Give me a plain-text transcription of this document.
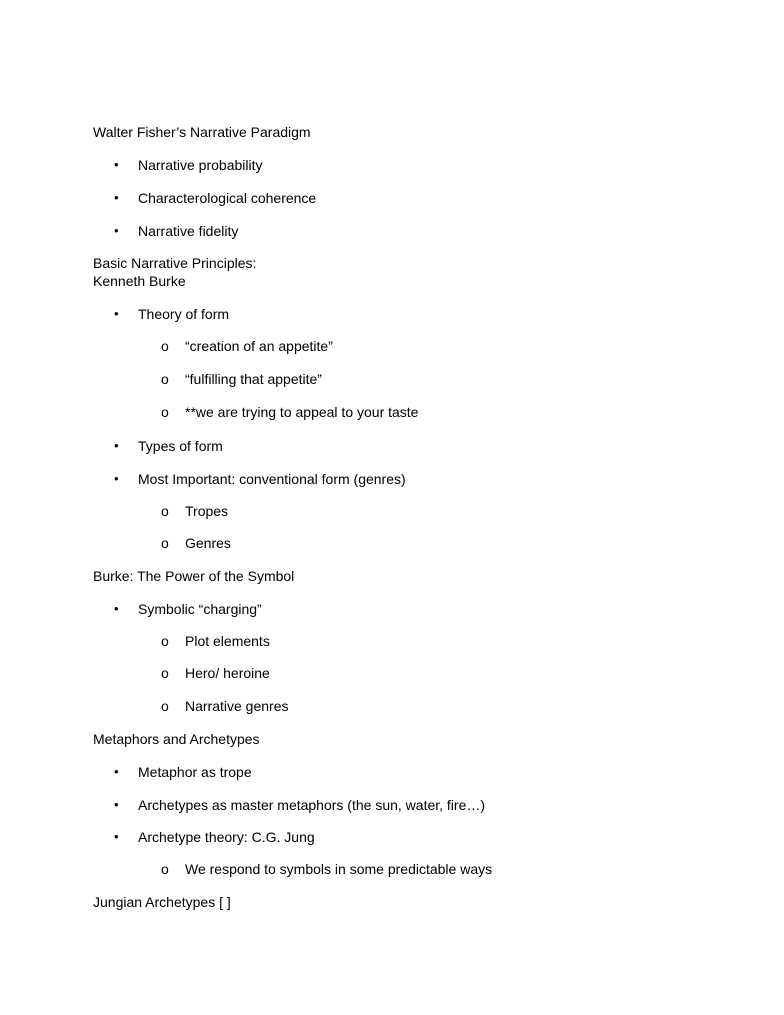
Walter Fisher’s Narrative Paradigm
• Narrative probability
• Characterological coherence
• Narrative fidelity
Basic Narrative Principles:
Kenneth Burke
• Theory of form
o “creation of an appetite”
o “fulfilling that appetite”
o **we are trying to appeal to your taste
• Types of form
• Most Important: conventional form (genres)
o Tropes
o Genres
Burke: The Power of the Symbol
• Symbolic “charging”
o Plot elements
o Hero/ heroine
o Narrative genres
Metaphors and Archetypes
• Metaphor as trope
• Archetypes as master metaphors (the sun, water, fire…)
• Archetype theory: C.G. Jung
o We respond to symbols in some predictable ways
Jungian Archetypes [ ]
